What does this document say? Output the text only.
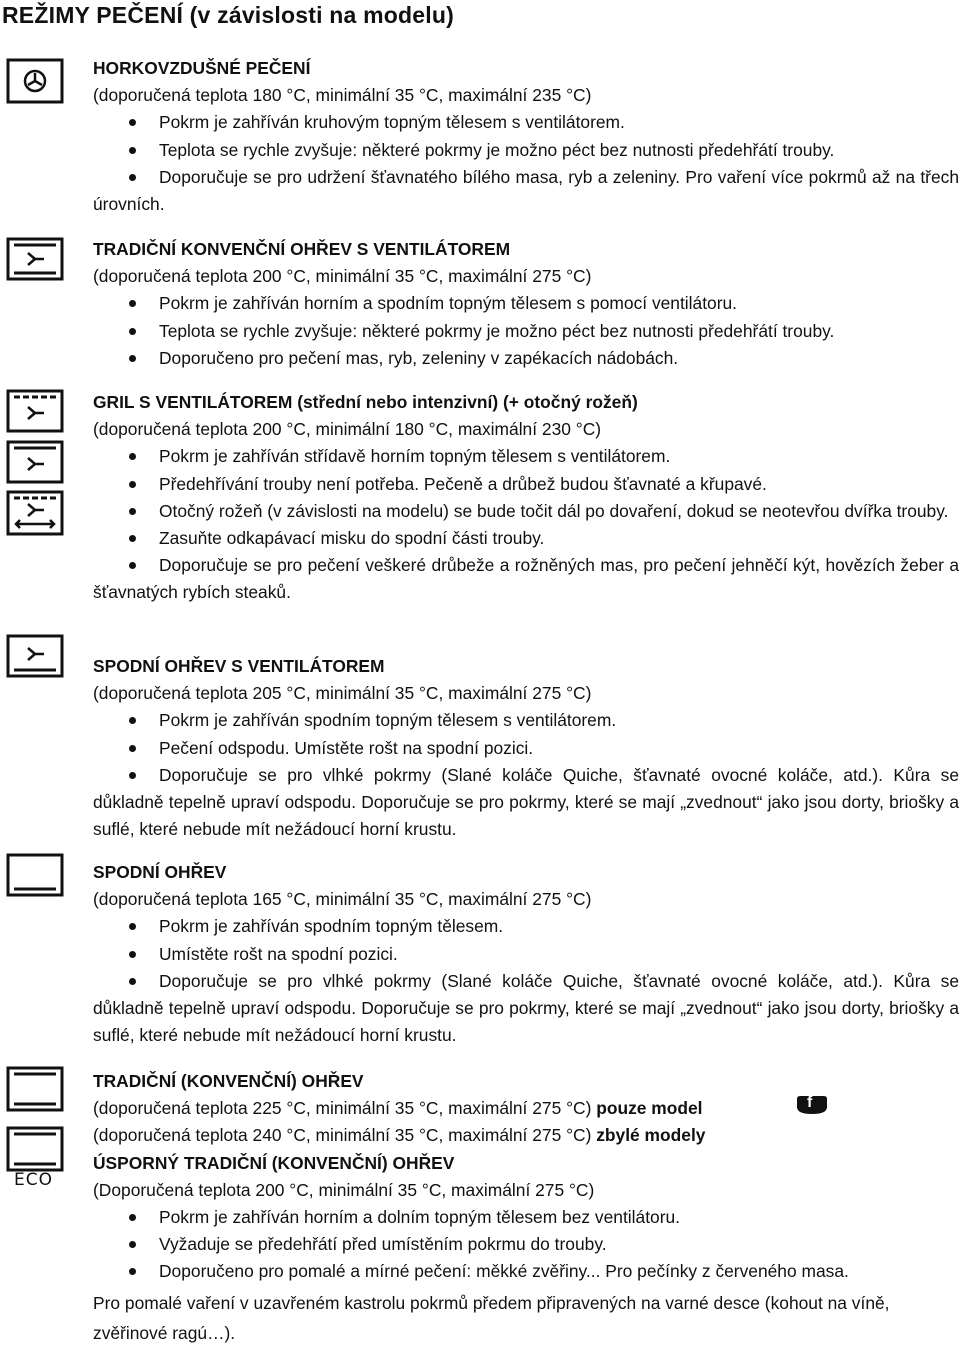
REŽIMY PEČENÍ (v závislosti na modelu)
HORKOVZDUŠNÉ PEČENÍ
(doporučená teplota 180 °C, minimální 35 °C, maximální 235 °C)
Pokrm je zahříván kruhovým topným tělesem s ventilátorem.
Teplota se rychle zvyšuje: některé pokrmy je možno péct bez nutnosti předehřátí trouby.
Doporučuje se pro udržení šťavnatého bílého masa, ryb a zeleniny. Pro vaření více pokrmů až na třech úrovních.
TRADIČNÍ KONVENČNÍ OHŘEV S VENTILÁTOREM
(doporučená teplota 200 °C, minimální 35 °C, maximální 275 °C)
Pokrm je zahříván horním a spodním topným tělesem s pomocí ventilátoru.
Teplota se rychle zvyšuje: některé pokrmy je možno péct bez nutnosti předehřátí trouby.
Doporučeno pro pečení mas, ryb, zeleniny v zapékacích nádobách.
GRIL S VENTILÁTOREM (střední nebo intenzivní) (+ otočný rožeň)
(doporučená teplota 200 °C, minimální 180 °C, maximální 230 °C)
Pokrm je zahříván střídavě horním topným tělesem s ventilátorem.
Předehřívání trouby není potřeba. Pečeně a drůbež budou šťavnaté a křupavé.
Otočný rožeň (v závislosti na modelu) se bude točit dál po dovaření, dokud se neotevřou dvířka trouby.
Zasuňte odkapávací misku do spodní části trouby.
Doporučuje se pro pečení veškeré drůbeže a rožněných mas, pro pečení jehněčí kýt, hovězích žeber a šťavnatých rybích steaků.
SPODNÍ OHŘEV S VENTILÁTOREM
(doporučená teplota 205 °C, minimální 35 °C, maximální 275 °C)
Pokrm je zahříván spodním topným tělesem s ventilátorem.
Pečení odspodu. Umístěte rošt na spodní pozici.
Doporučuje se pro vlhké pokrmy (Slané koláče Quiche, šťavnaté ovocné koláče, atd.). Kůra se důkladně tepelně upraví odspodu. Doporučuje se pro pokrmy, které se mají „zvednout“ jako jsou dorty, briošky a suflé, které nebude mít nežádoucí horní krustu.
SPODNÍ OHŘEV
(doporučená teplota 165 °C, minimální 35 °C, maximální 275 °C)
Pokrm je zahříván spodním topným tělesem.
Umístěte rošt na spodní pozici.
Doporučuje se pro vlhké pokrmy (Slané koláče Quiche, šťavnaté ovocné koláče, atd.). Kůra se důkladně tepelně upraví odspodu. Doporučuje se pro pokrmy, které se mají „zvednout“ jako jsou dorty, briošky a suflé, které nebude mít nežádoucí horní krustu.
ECO
f
TRADIČNÍ (KONVENČNÍ) OHŘEV
(doporučená teplota 225 °C, minimální 35 °C, maximální 275 °C) pouze model
(doporučená teplota 240 °C, minimální 35 °C, maximální 275 °C) zbylé modely
ÚSPORNÝ TRADIČNÍ (KONVENČNÍ) OHŘEV
(Doporučená teplota 200 °C, minimální 35 °C, maximální 275 °C)
Pokrm je zahříván horním a dolním topným tělesem bez ventilátoru.
Vyžaduje se předehřátí před umístěním pokrmu do trouby.
Doporučeno pro pomalé a mírné pečení: měkké zvěřiny... Pro pečínky z červeného masa.
Pro pomalé vaření v uzavřeném kastrolu pokrmů předem připravených na varné desce (kohout na víně, zvěřinové ragú…).
